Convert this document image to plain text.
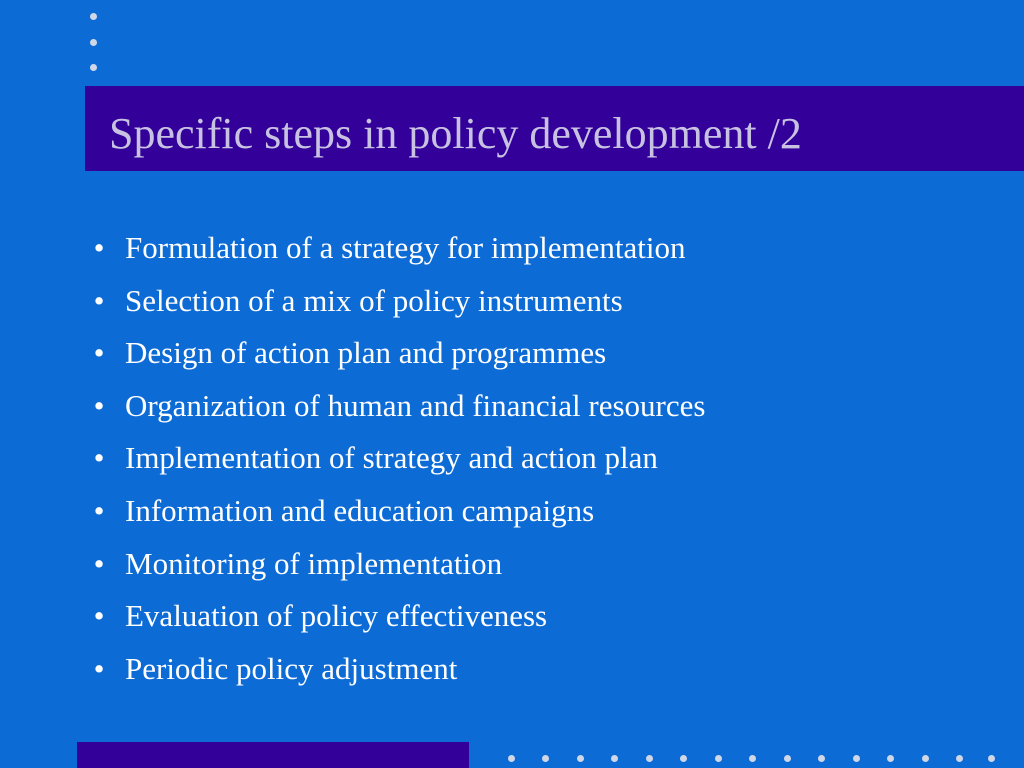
Specific steps in policy development /2
• Formulation of a strategy for implementation
• Selection of a mix of policy instruments
• Design of action plan and programmes
• Organization of human and financial resources
• Implementation of strategy and action plan
• Information and education campaigns
• Monitoring of implementation
• Evaluation of policy effectiveness
• Periodic policy adjustment
